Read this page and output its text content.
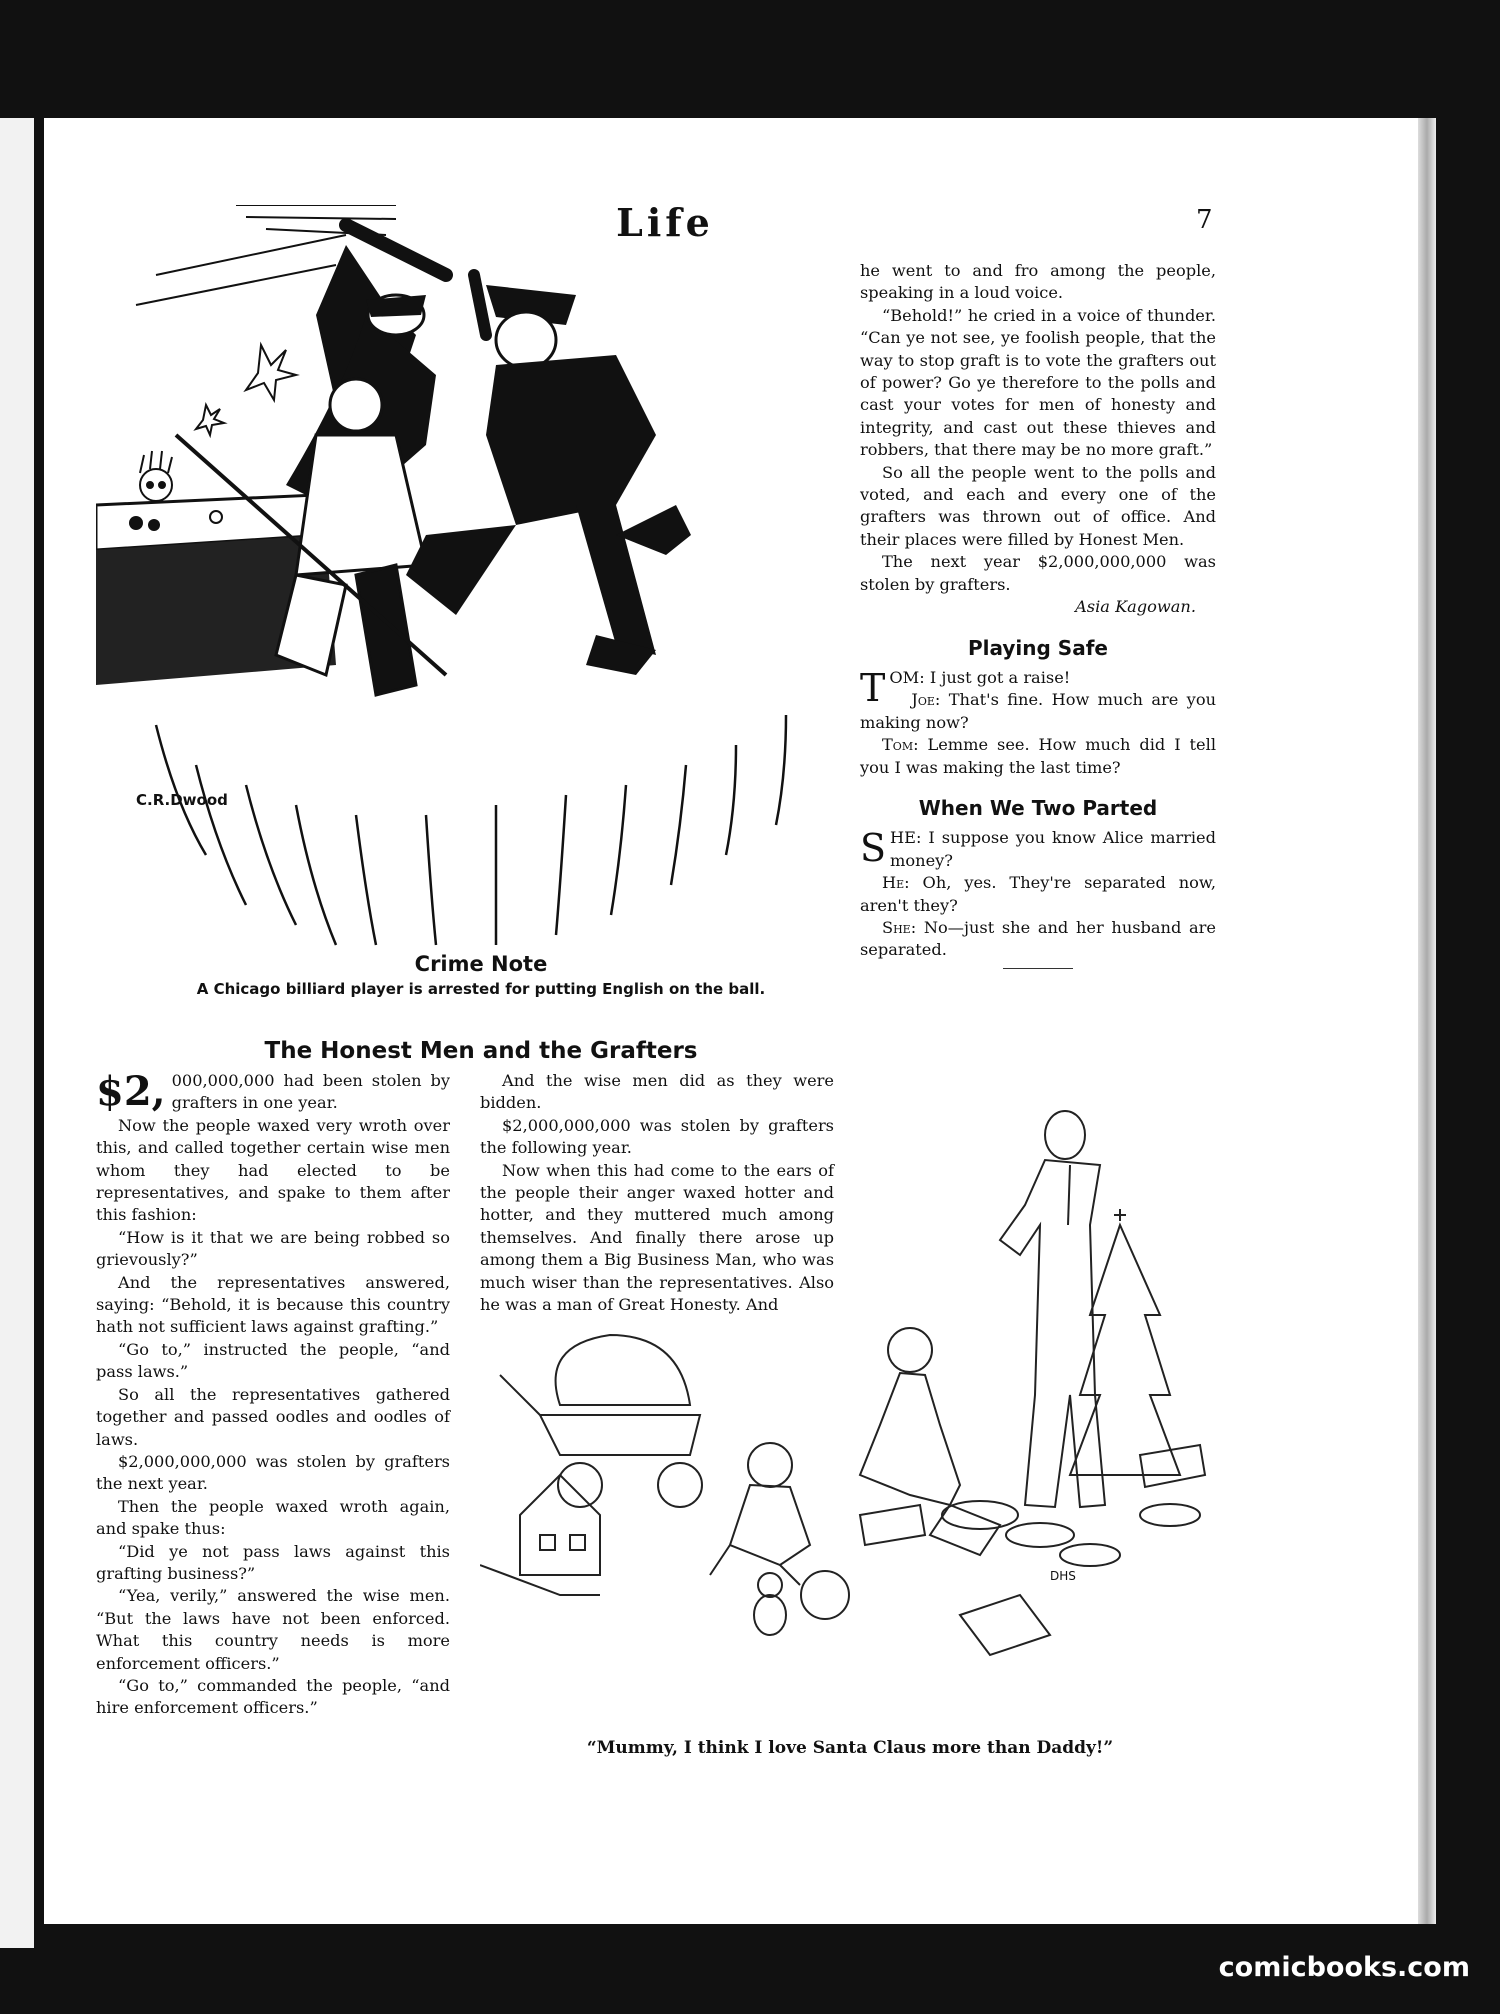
Life	7
C.R.Dwood
Crime Note
A Chicago billiard player is arrested for putting English on the ball.
The Honest Men and the Grafters

$2, 000,000,000 had been stolen by grafters in one year.

Now the people waxed very wroth over this, and called together certain wise men whom they had elected to be representatives, and spake to them after this fashion:

“How is it that we are being robbed so grievously?”

And the representatives answered, saying: “Behold, it is because this country hath not sufficient laws against grafting.”

“Go to,” instructed the people, “and pass laws.”

So all the representatives gathered together and passed oodles and oodles of laws.

$2,000,000,000 was stolen by grafters the next year.

Then the people waxed wroth again, and spake thus:

“Did ye not pass laws against this grafting business?”

“Yea, verily,” answered the wise men. “But the laws have not been enforced. What this country needs is more enforcement officers.”

“Go to,” commanded the people, “and hire enforcement officers.”

And the wise men did as they were bidden.

$2,000,000,000 was stolen by grafters the following year.

Now when this had come to the ears of the people their anger waxed hotter and hotter, and they muttered much among themselves. And finally there arose up among them a Big Business Man, who was much wiser than the representatives. Also he was a man of Great Honesty. And

he went to and fro among the people, speaking in a loud voice.

“Behold!” he cried in a voice of thunder. “Can ye not see, ye foolish people, that the way to stop graft is to vote the grafters out of power? Go ye therefore to the polls and cast your votes for men of honesty and integrity, and cast out these thieves and robbers, that there may be no more graft.”

So all the people went to the polls and voted, and each and every one of the grafters was thrown out of office. And their places were filled by Honest Men.

The next year $2,000,000,000 was stolen by grafters.

Asia Kagowan.
Playing Safe

TOM: I just got a raise!

Joe: That's fine. How much are you making now?

Tom: Lemme see. How much did I tell you I was making the last time?

When We Two Parted

SHE: I suppose you know Alice married money?

He: Oh, yes. They're separated now, aren't they?

She: No—just she and her husband are separated.

DHS
“Mummy, I think I love Santa Claus more than Daddy!”
comicbooks.com
